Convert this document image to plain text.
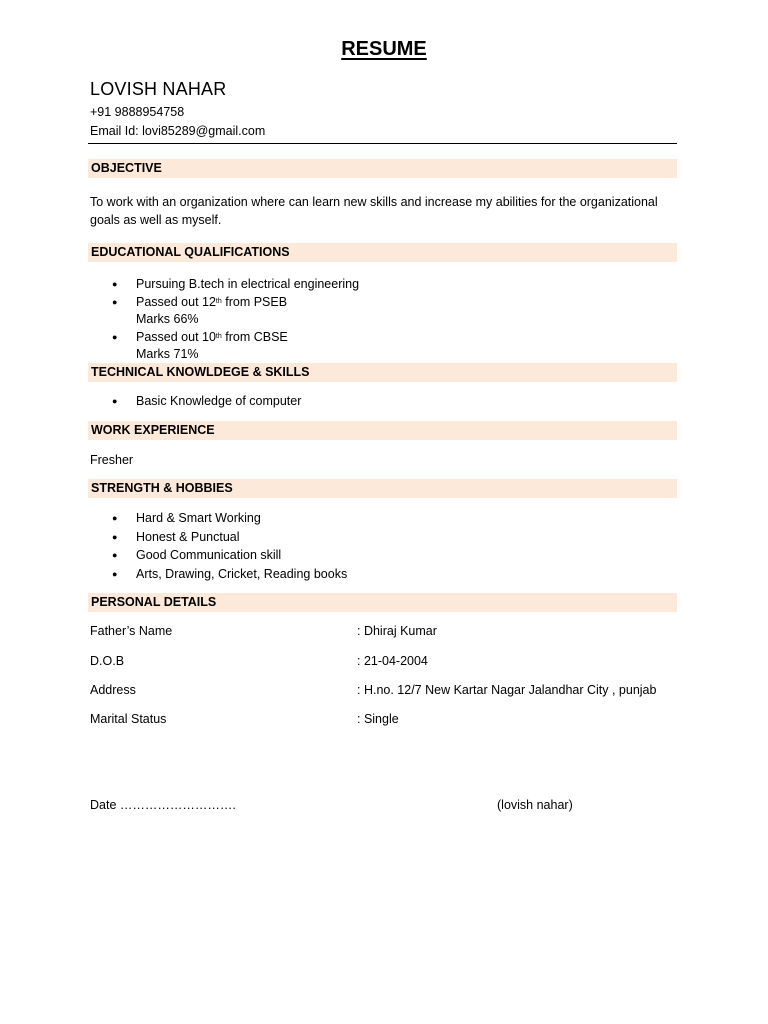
RESUME
LOVISH NAHAR
+91 9888954758
Email Id: lovi85289@gmail.com
OBJECTIVE
To work with an organization where can learn new skills and increase my abilities for the organizational goals as well as myself.
EDUCATIONAL QUALIFICATIONS
● Pursuing B.tech in electrical engineering
● Passed out 12th from PSEB
Marks 66%
● Passed out 10th from CBSE
Marks 71%
TECHNICAL KNOWLDEGE & SKILLS
● Basic Knowledge of computer
WORK EXPERIENCE
Fresher
STRENGTH & HOBBIES
● Hard & Smart Working
● Honest & Punctual
● Good Communication skill
● Arts, Drawing, Cricket, Reading books
PERSONAL DETAILS
Father’s Name	: Dhiraj Kumar
D.O.B	: 21-04-2004
Address	: H.no. 12/7 New Kartar Nagar Jalandhar City , punjab
Marital Status	: Single
Date ……………………….	(lovish nahar)
